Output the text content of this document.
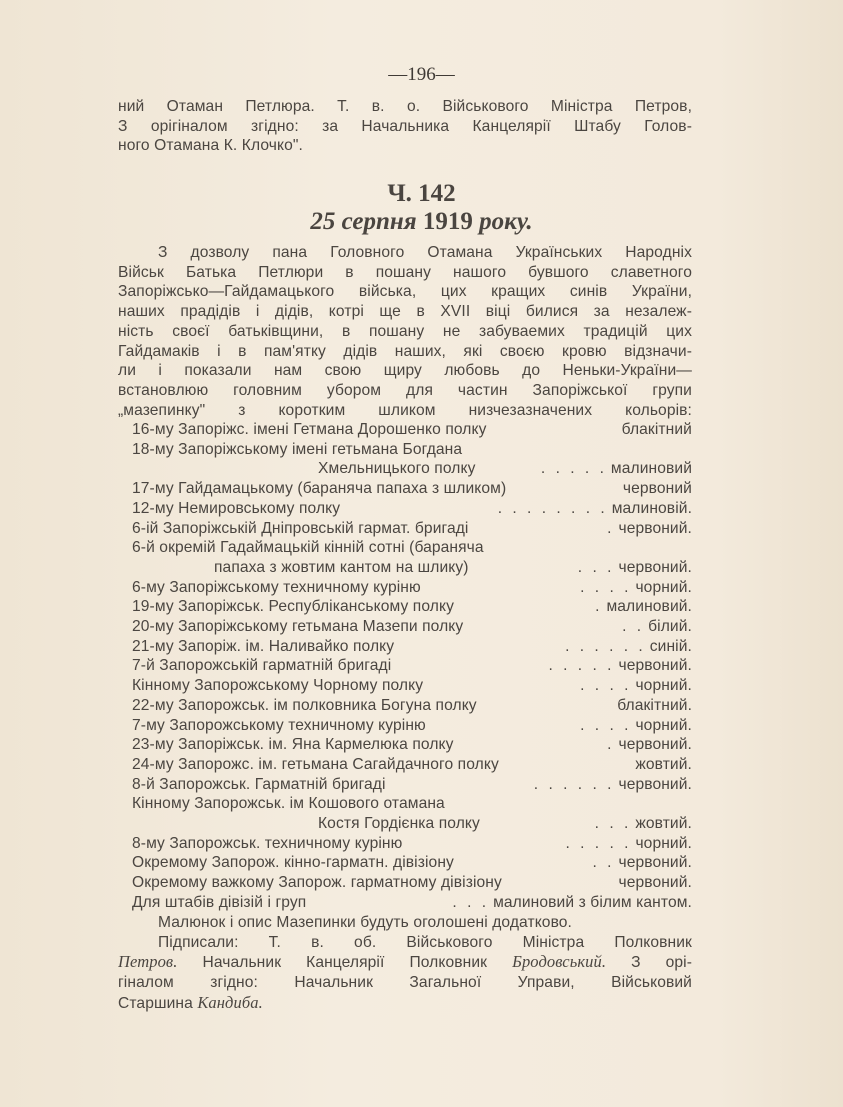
—196—
ний Отаман Петлюра. Т. в. о. Військового Міністра Петров,
З орігіналом згідно: за Начальника Канцелярії Штабу Голов-
ного Отамана К. Клочко".
Ч. 142
25 серпня 1919 року.
З дозволу пана Головного Отамана Українських Народніх
Військ Батька Петлюри в пошану нашого бувшого славетного
Запоріжсько—Гайдамацького війська, цих кращих синів України,
наших прадідів і дідів, котрі ще в XVII віці билися за незалеж-
ність своєї батьківщини, в пошану не забуваемих традицій цих
Гайдамаків і в пам'ятку дідів наших, які своєю кровю відзначи-
ли і показали нам свою щиру любовь до Неньки-України—
встановлюю головним убором для частин Запоріжської групи
„мазепинку" з коротким шликом низчезазначених кольорів:
16-му Запоріжс. імені Гетмана Дорошенко полку	блакітний
18-му Запоріжському імені гетьмана Богдана
Хмельницького полку	. . . . . малиновий
17-му Гайдамацькому (бараняча папаха з шликом)	червоний
12-му Немировському полку	. . . . . . . . малиновій.
6-ій Запоріжській Дніпровській гармат. бригаді	. червоний.
6-й окремій Гадаймацькій кінній сотні (бараняча
папаха з жовтим кантом на шлику)	. . . червоний.
6-му Запоріжському техничному куріню	. . . . чорний.
19-му Запоріжськ. Республіканському полку	. малиновий.
20-му Запоріжському гетьмана Мазепи полку	. . білий.
21-му Запоріж. ім. Наливайко полку	. . . . . . синій.
7-й Запорожській гарматній бригаді	. . . . . червоний.
Кінному Запорожському Чорному полку	. . . . чорний.
22-му Запорожськ. ім полковника Богуна полку	блакітний.
7-му Запорожському техничному куріню	. . . . чорний.
23-му Запоріжськ. ім. Яна Кармелюка полку	. червоний.
24-му Запорожс. ім. гетьмана Сагайдачного полку	жовтий.
8-й Запорожськ. Гарматній бригаді	. . . . . . червоний.
Кінному Запорожськ. ім Кошового отамана
Костя Гордієнка полку	. . . жовтий.
8-му Запорожськ. техничному куріню	. . . . . чорний.
Окремому Запорож. кінно-гарматн. дівізіону	. . червоний.
Окремому важкому Запорож. гарматному дівізіону	червоний.
Для штабів дівізій і груп	. . . малиновий з білим кантом.
Малюнок і опис Мазепинки будуть оголошені додатково.
Підписали: Т. в. об. Військового Міністра Полковник
Петров. Начальник Канцелярії Полковник Бродовський. З орі-
гіналом згідно: Начальник Загальної Управи, Військовий
Старшина Кандиба.
